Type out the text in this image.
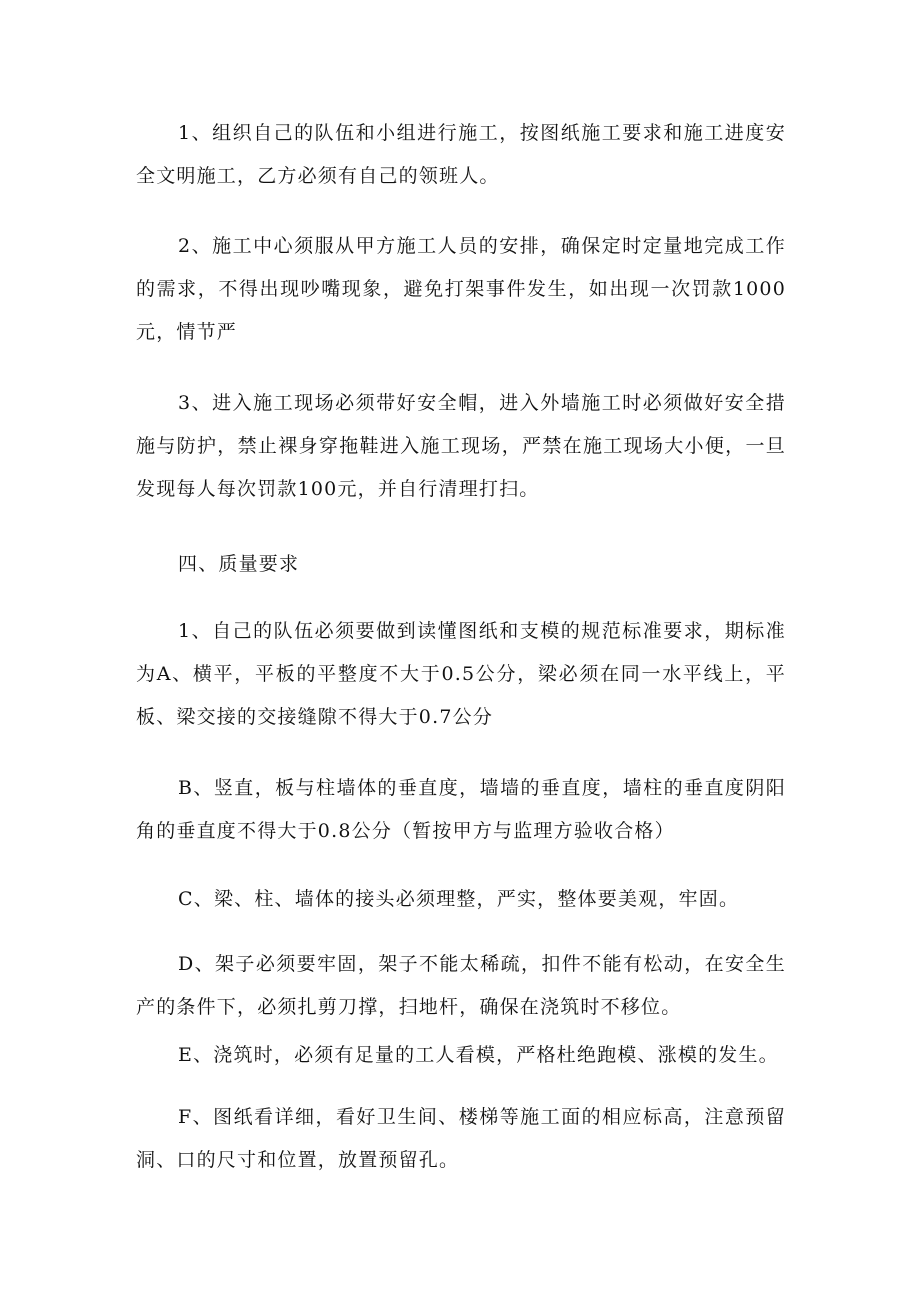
1、组织自己的队伍和小组进行施工，按图纸施工要求和施工进度安全文明施工，乙方必须有自己的领班人。

2、施工中心须服从甲方施工人员的安排，确保定时定量地完成工作的需求，不得出现吵嘴现象，避免打架事件发生，如出现一次罚款1000元，情节严

3、进入施工现场必须带好安全帽，进入外墙施工时必须做好安全措施与防护，禁止裸身穿拖鞋进入施工现场，严禁在施工现场大小便，一旦发现每人每次罚款100元，并自行清理打扫。

四、质量要求

1、自己的队伍必须要做到读懂图纸和支模的规范标准要求，期标准为A、横平，平板的平整度不大于0.5公分，梁必须在同一水平线上，平板、梁交接的交接缝隙不得大于0.7公分

B、竖直，板与柱墙体的垂直度，墙墙的垂直度，墙柱的垂直度阴阳角的垂直度不得大于0.8公分（暂按甲方与监理方验收合格）

C、梁、柱、墙体的接头必须理整，严实，整体要美观，牢固。

D、架子必须要牢固，架子不能太稀疏，扣件不能有松动，在安全生产的条件下，必须扎剪刀撑，扫地杆，确保在浇筑时不移位。

E、浇筑时，必须有足量的工人看模，严格杜绝跑模、涨模的发生。

F、图纸看详细，看好卫生间、楼梯等施工面的相应标高，注意预留洞、口的尺寸和位置，放置预留孔。
